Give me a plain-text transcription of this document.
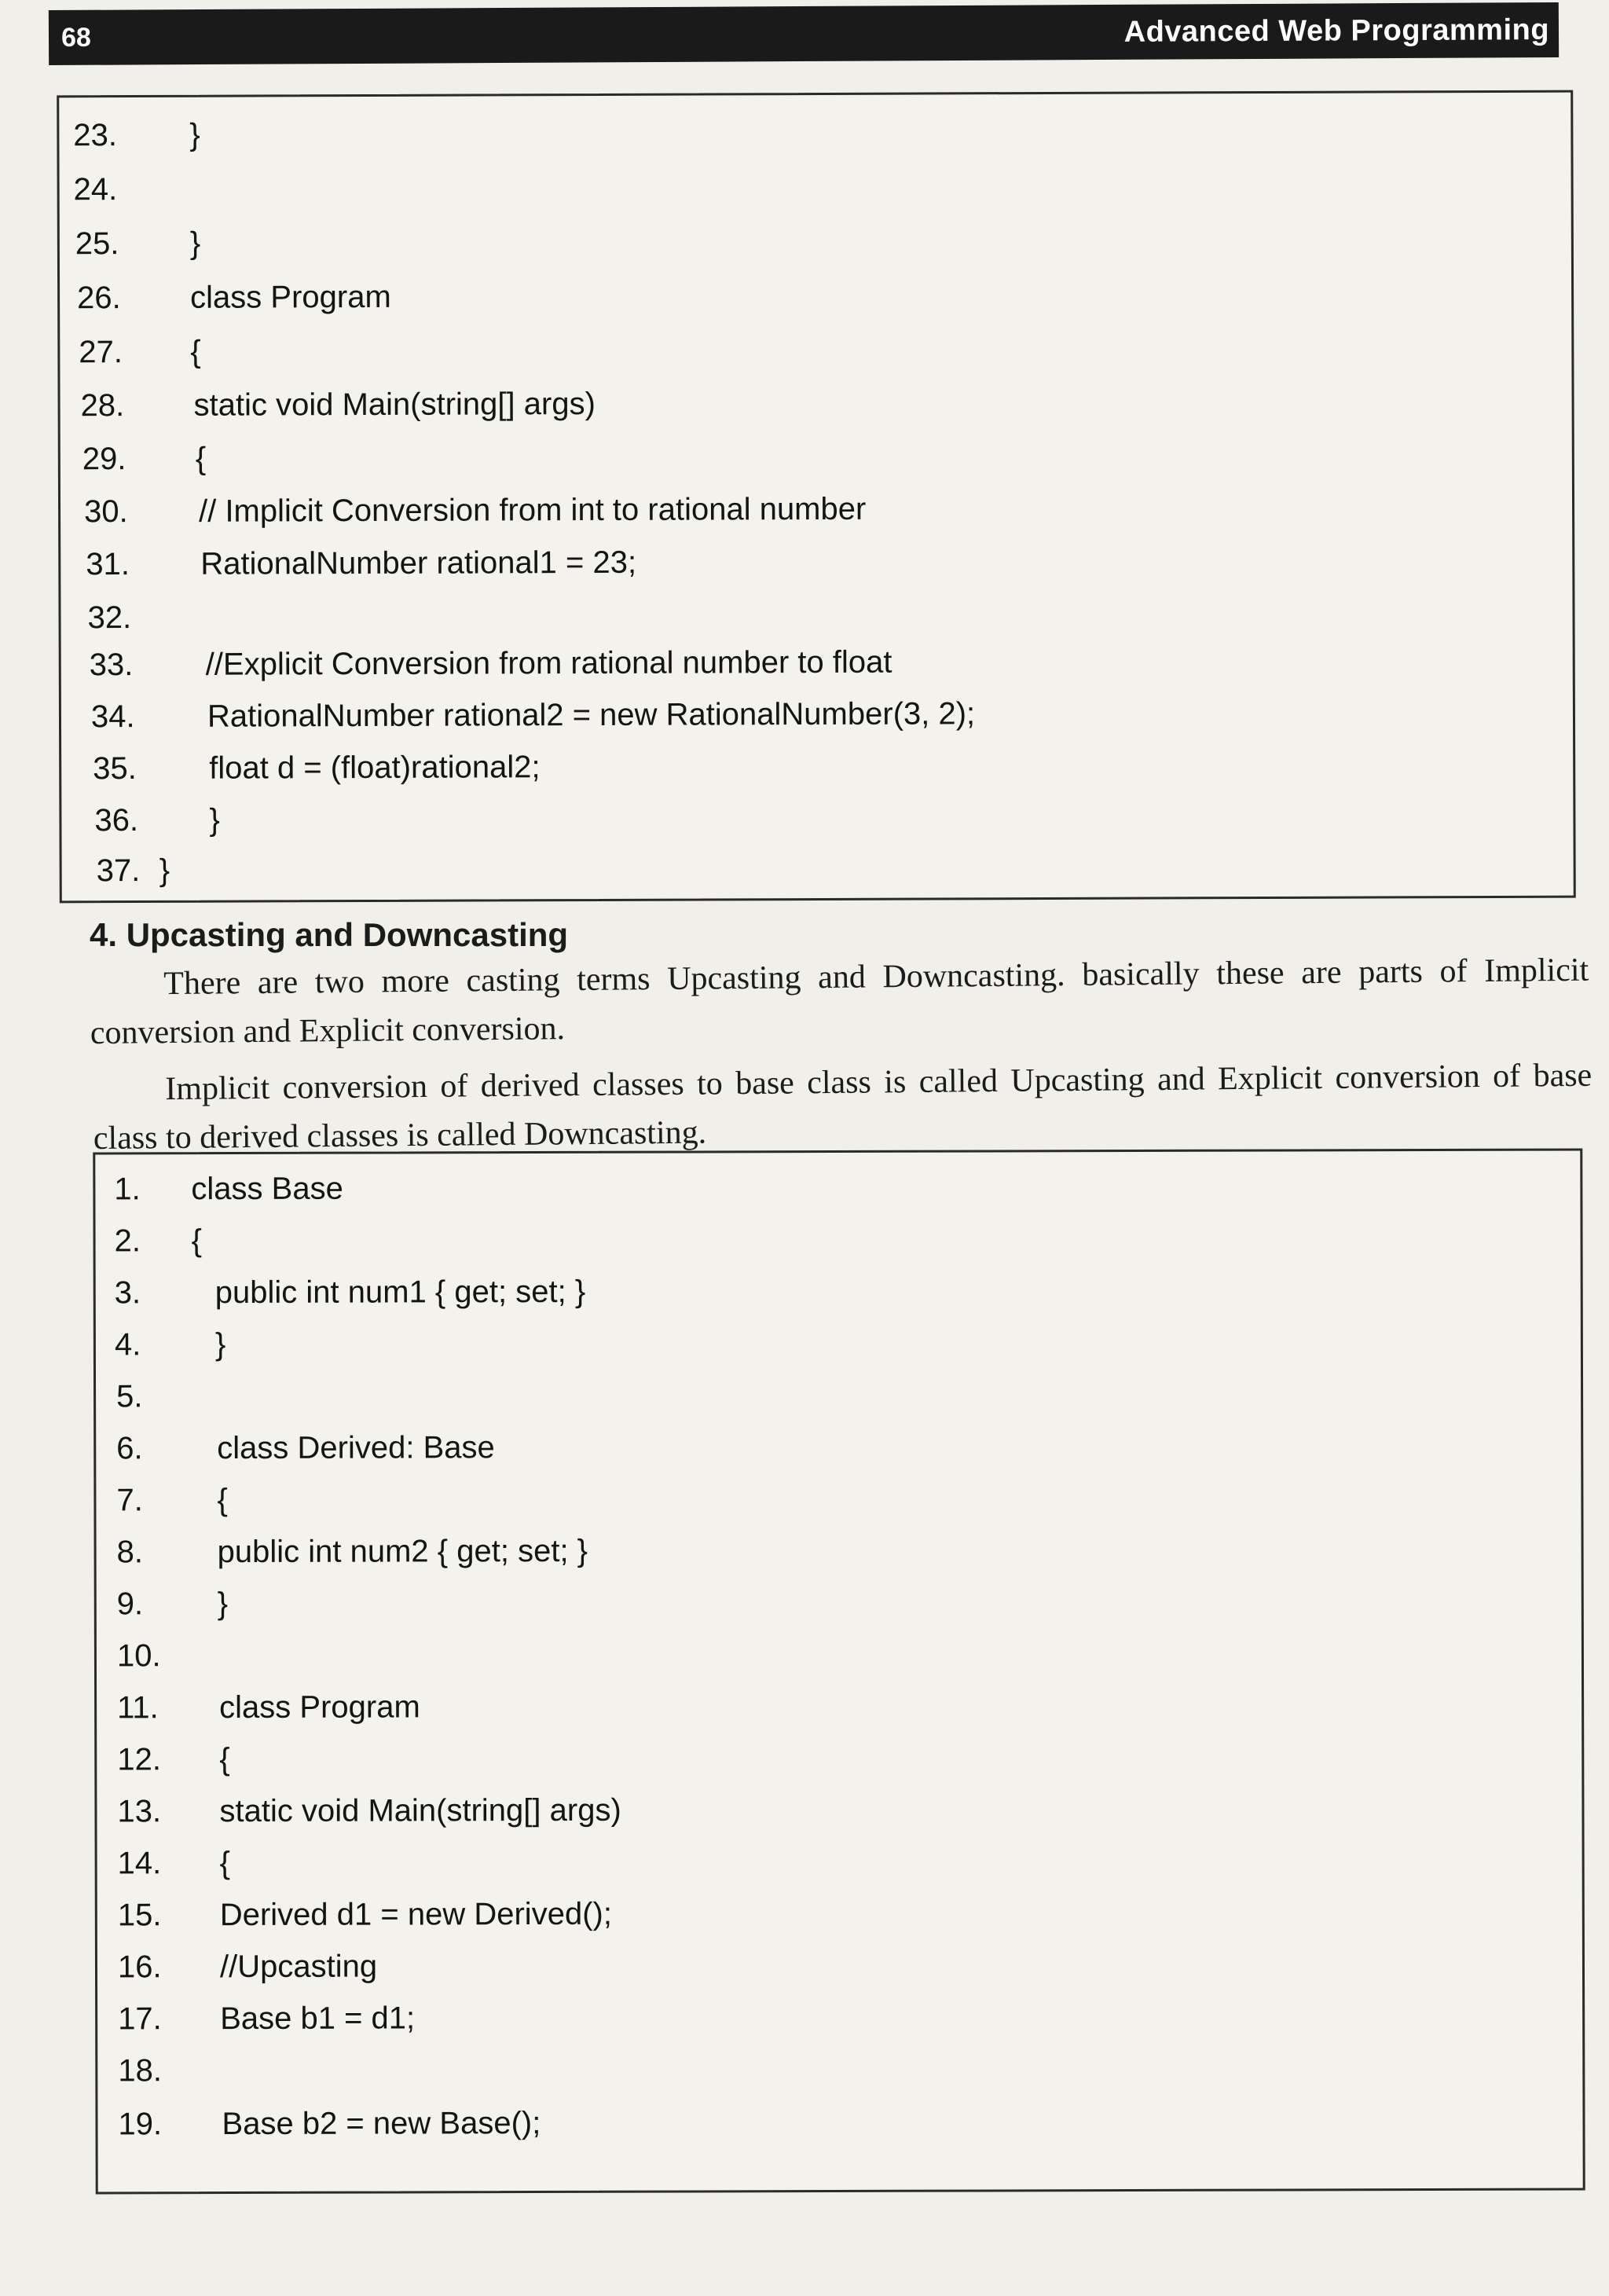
68	Advanced Web Programming
23.	}
24.
25.	}
26.	class Program
27.	{
28.	static void Main(string[] args)
29.	{
30.	// Implicit Conversion from int to rational number
31.	RationalNumber rational1 = 23;
32.
33.	//Explicit Conversion from rational number to float
34.	RationalNumber rational2 = new RationalNumber(3, 2);
35.	float d = (float)rational2;
36.	}
37. }
4. Upcasting and Downcasting
There are two more casting terms Upcasting and Downcasting. basically these are parts of Implicit conversion and Explicit conversion.
Implicit conversion of derived classes to base class is called Upcasting and Explicit conversion of base class to derived classes is called Downcasting.
1.	class Base
2.	{
3.	public int num1 { get; set; }
4.	}
5.
6.	class Derived: Base
7.	{
8.	public int num2 { get; set; }
9.	}
10.
11.	class Program
12.	{
13.	static void Main(string[] args)
14.	{
15.	Derived d1 = new Derived();
16.	//Upcasting
17.	Base b1 = d1;
18.
19.	Base b2 = new Base();
